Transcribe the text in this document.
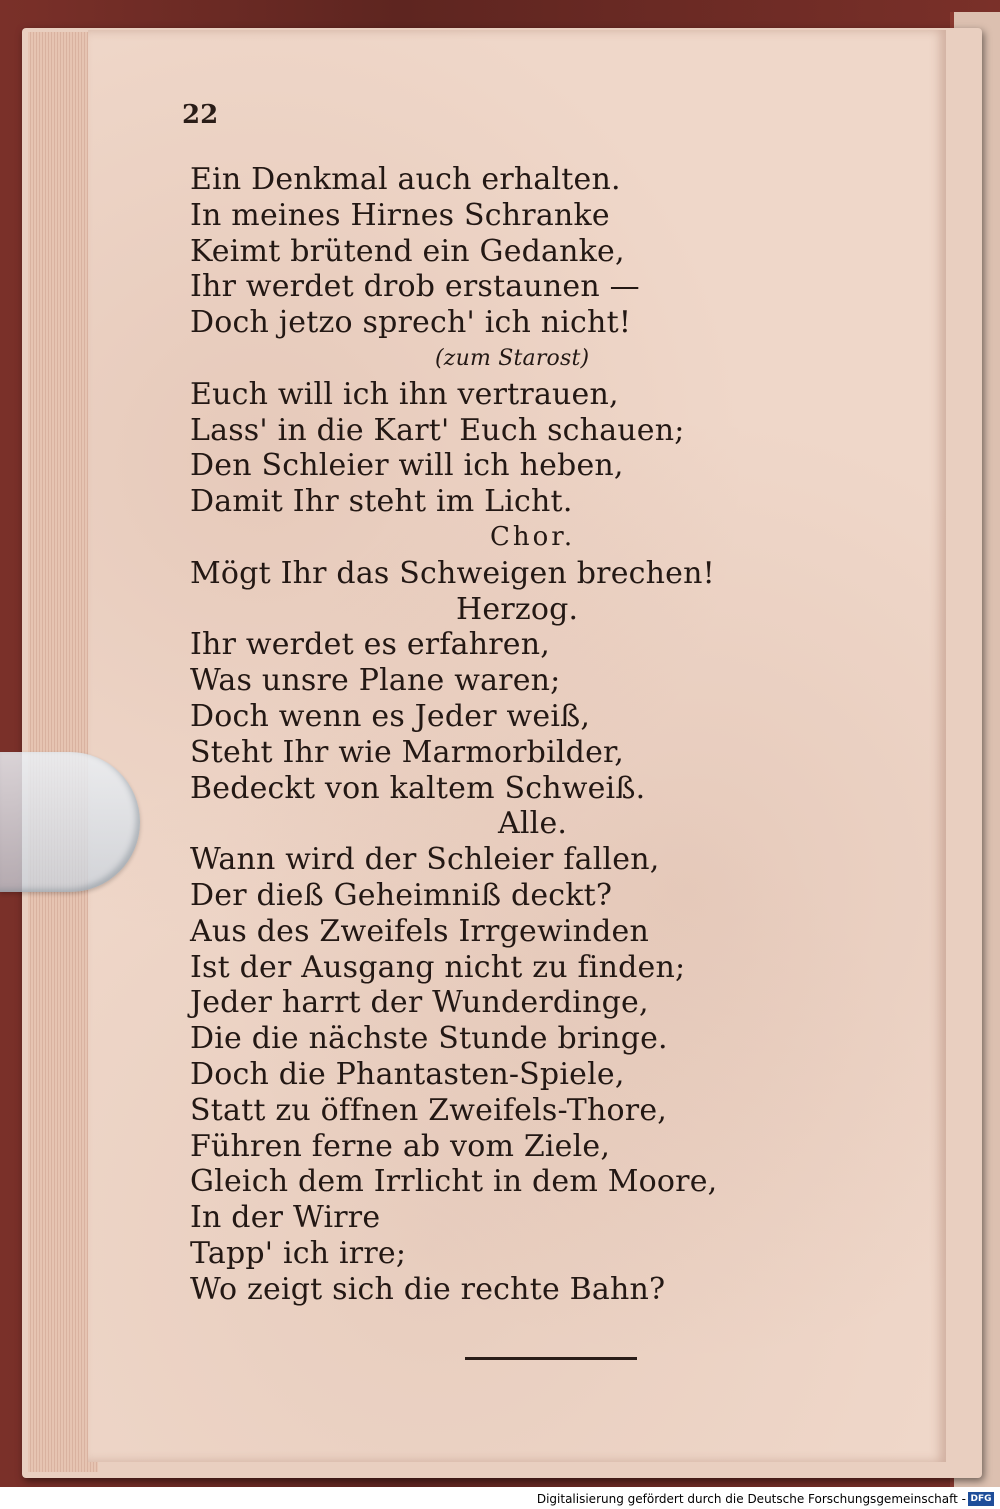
22
Ein Denkmal auch erhalten.
In meines Hirnes Schranke
Keimt brütend ein Gedanke,
Ihr werdet drob erstaunen —
Doch jetzo sprech' ich nicht!
(zum Starost)
Euch will ich ihn vertrauen,
Lass' in die Kart' Euch schauen;
Den Schleier will ich heben,
Damit Ihr steht im Licht.
Chor.
Mögt Ihr das Schweigen brechen!
Herzog.
Ihr werdet es erfahren,
Was unsre Plane waren;
Doch wenn es Jeder weiß,
Steht Ihr wie Marmorbilder,
Bedeckt von kaltem Schweiß.
Alle.
Wann wird der Schleier fallen,
Der dieß Geheimniß deckt?
Aus des Zweifels Irrgewinden
Ist der Ausgang nicht zu finden;
Jeder harrt der Wunderdinge,
Die die nächste Stunde bringe.
Doch die Phantasten-Spiele,
Statt zu öffnen Zweifels-Thore,
Führen ferne ab vom Ziele,
Gleich dem Irrlicht in dem Moore,
In der Wirre
Tapp' ich irre;
Wo zeigt sich die rechte Bahn?
Digitalisierung gefördert durch die Deutsche Forschungsgemeinschaft - DFG
